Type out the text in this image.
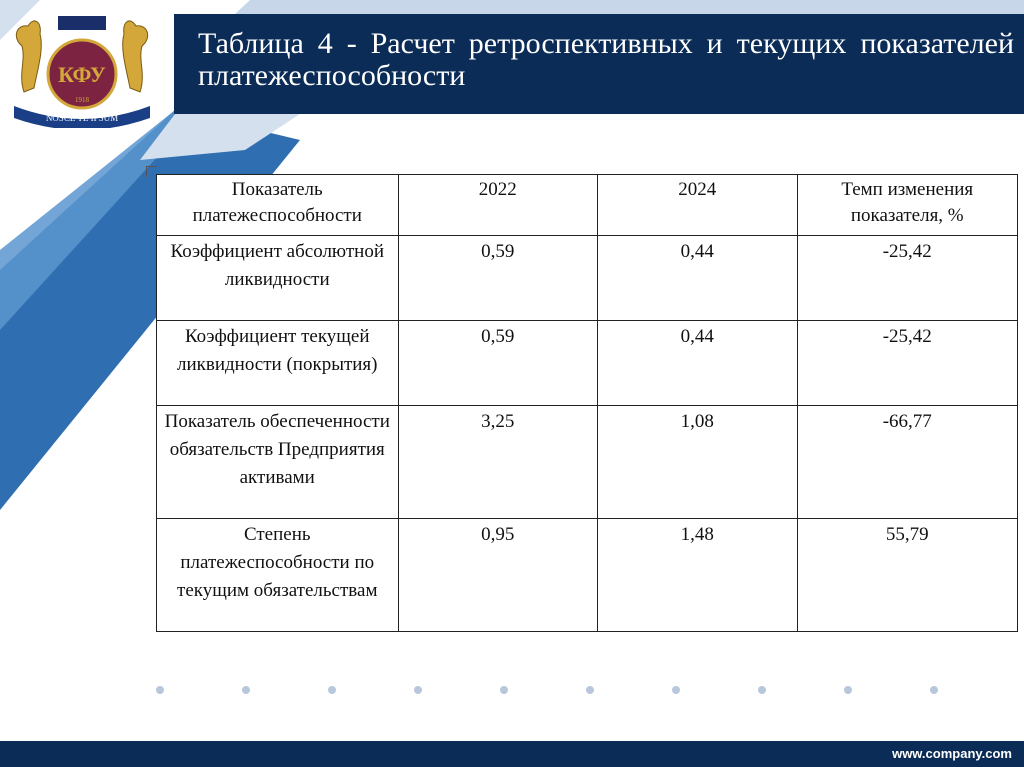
КФУ
1918
NOSCE TE IPSUM
Таблица 4 - Расчет ретроспективных и текущих показателей платежеспособности
Показатель платежеспособности	2022	2024	Темп изменения показателя, %
Коэффициент абсолютной ликвидности	0,59	0,44	-25,42
Коэффициент текущей ликвидности (покрытия)	0,59	0,44	-25,42
Показатель обеспеченности обязательств Предприятия активами	3,25	1,08	-66,77
Степень платежеспособности по текущим обязательствам	0,95	1,48	55,79
www.company.com
